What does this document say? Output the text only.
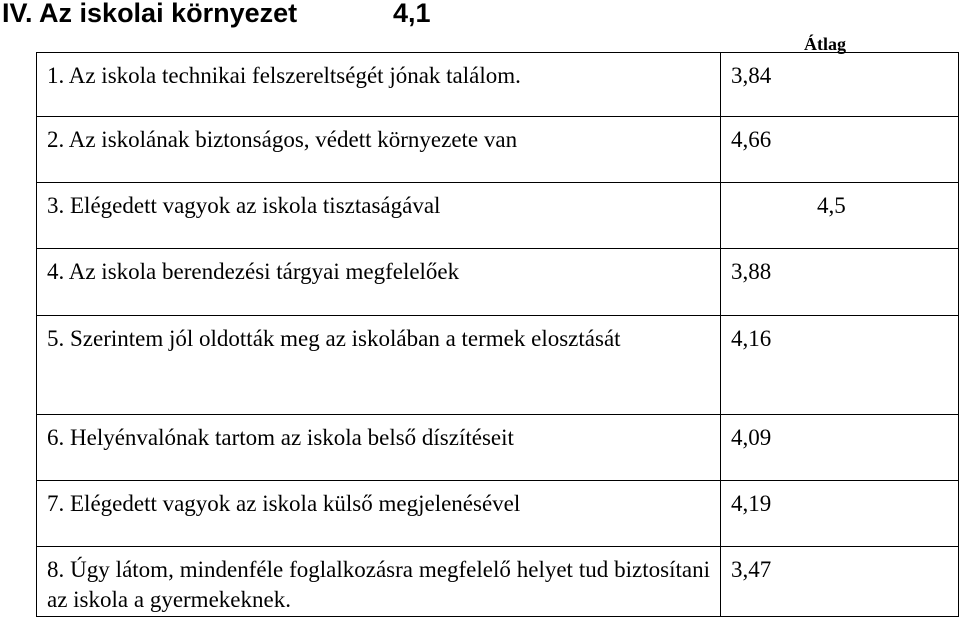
IV. Az iskolai környezet	4,1
Átlag
1. Az iskola technikai felszereltségét jónak találom.	3,84
2. Az iskolának biztonságos, védett környezete van	4,66
3. Elégedett vagyok az iskola tisztaságával	4,5
4. Az iskola berendezési tárgyai megfelelőek	3,88
5. Szerintem jól oldották meg az iskolában a termek elosztását	4,16
6. Helyénvalónak tartom az iskola belső díszítéseit	4,09
7. Elégedett vagyok az iskola külső megjelenésével	4,19
8. Úgy látom, mindenféle foglalkozásra megfelelő helyet tud biztosítani az iskola a gyermekeknek.	3,47
